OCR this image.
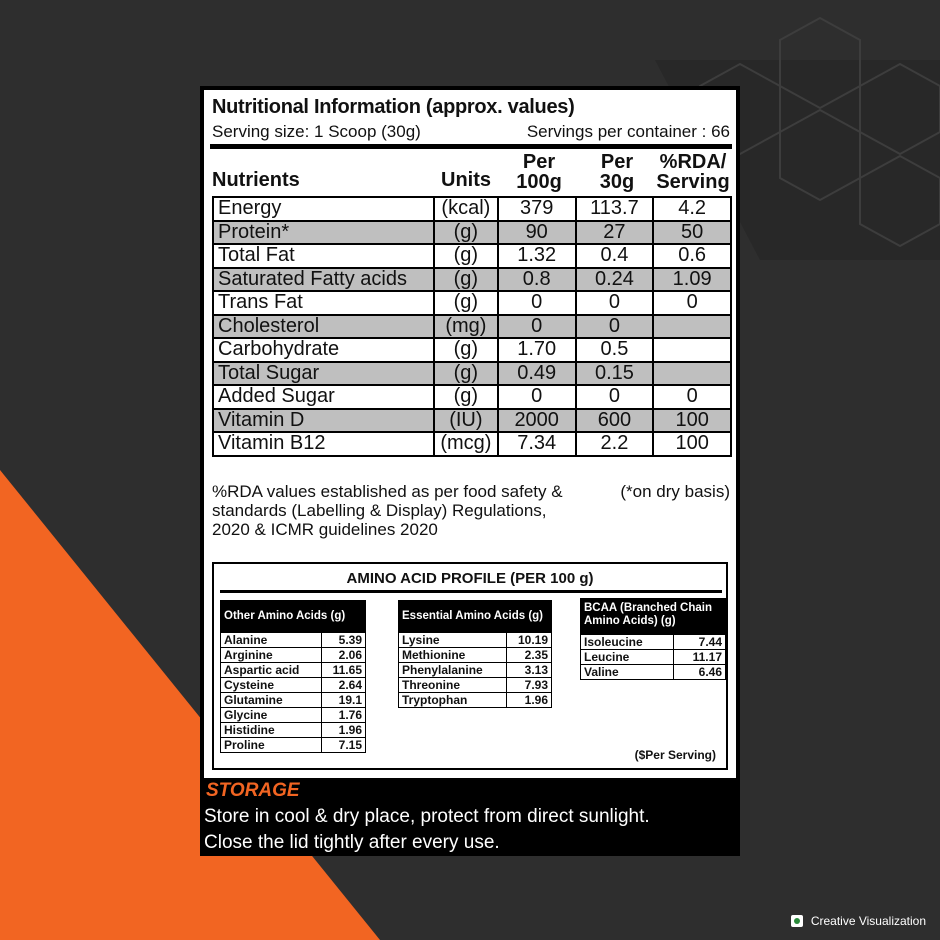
Nutritional Information (approx. values)
Serving size: 1 Scoop (30g)	Servings per container : 66
Nutrients	Units
Per
100g
Per
30g
%RDA/
Serving
Energy	(kcal)	379	113.7	4.2
Protein*	(g)	90	27	50
Total Fat	(g)	1.32	0.4	0.6
Saturated Fatty acids	(g)	0.8	0.24	1.09
Trans Fat	(g)	0	0	0
Cholesterol	(mg)	0	0	
Carbohydrate	(g)	1.70	0.5	
Total Sugar	(g)	0.49	0.15	
Added Sugar	(g)	0	0	0
Vitamin D	(IU)	2000	600	100
Vitamin B12	(mcg)	7.34	2.2	100
%RDA values established as per food safety &
standards (Labelling & Display) Regulations,
2020 & ICMR guidelines 2020
(*on dry basis)
AMINO ACID PROFILE (PER 100 g)
Other Amino Acids (g)
Alanine	5.39
Arginine	2.06
Aspartic acid	11.65
Cysteine	2.64
Glutamine	19.1
Glycine	1.76
Histidine	1.96
Proline	7.15
Essential Amino Acids (g)
Lysine	10.19
Methionine	2.35
Phenylalanine	3.13
Threonine	7.93
Tryptophan	1.96
BCAA (Branched Chain Amino Acids) (g)
Isoleucine	7.44
Leucine	11.17
Valine	6.46
($Per Serving)
STORAGE
Store in cool & dry place, protect from direct sunlight.
Close the lid tightly after every use.
Creative Visualization
